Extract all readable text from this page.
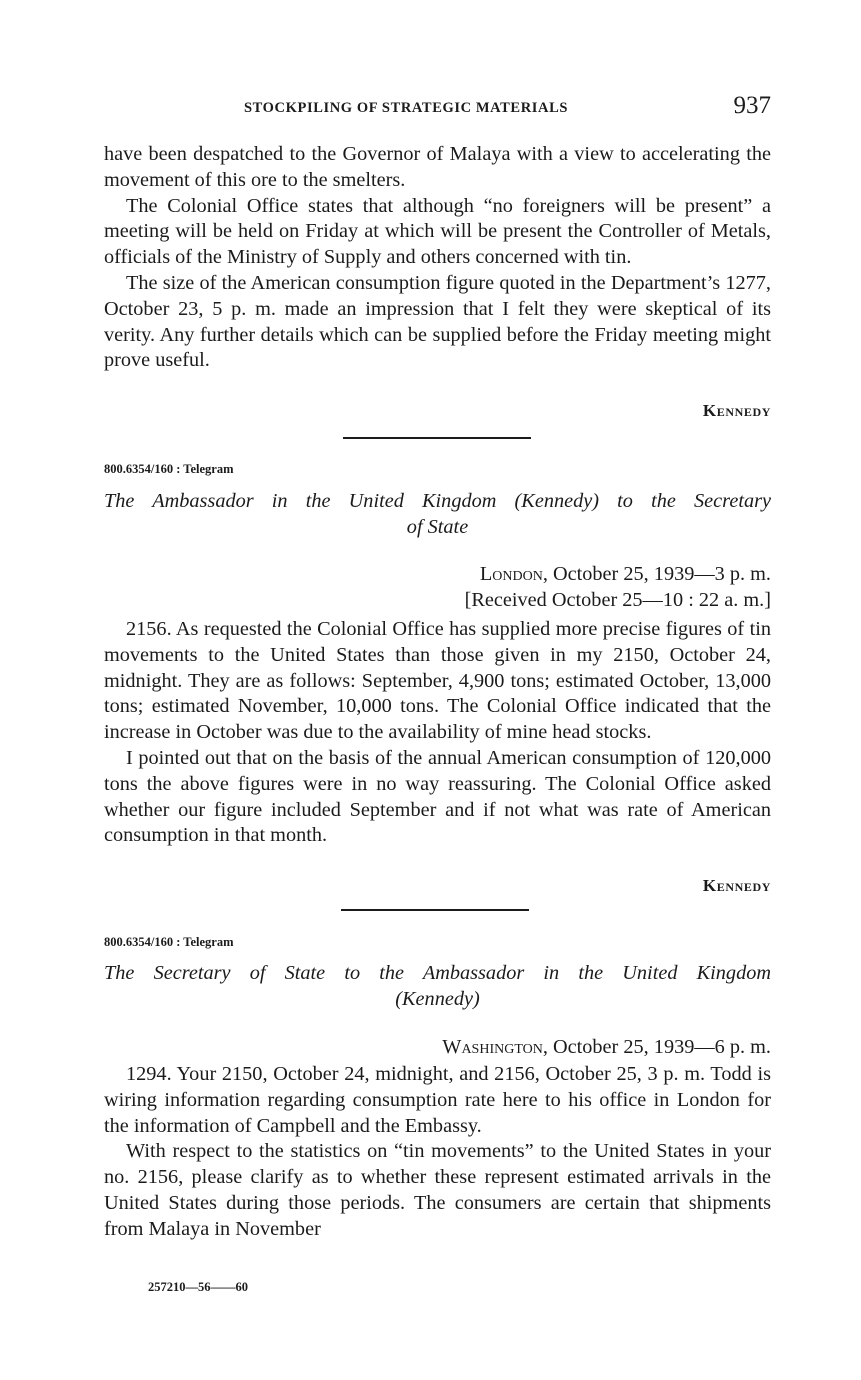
STOCKPILING OF STRATEGIC MATERIALS	937

have been despatched to the Governor of Malaya with a view to accelerating the movement of this ore to the smelters.

The Colonial Office states that although “no foreigners will be present” a meeting will be held on Friday at which will be present the Controller of Metals, officials of the Ministry of Supply and others concerned with tin.

The size of the American consumption figure quoted in the Department’s 1277, October 23, 5 p. m. made an impression that I felt they were skeptical of its verity. Any further details which can be supplied before the Friday meeting might prove useful.

Kennedy
800.6354/160 : Telegram
The Ambassador in the United Kingdom (Kennedy) to the Secretary
of State
London, October 25, 1939—3 p. m.
[Received October 25—10 : 22 a. m.]

2156. As requested the Colonial Office has supplied more precise figures of tin movements to the United States than those given in my 2150, October 24, midnight. They are as follows: September, 4,900 tons; estimated October, 13,000 tons; estimated November, 10,000 tons. The Colonial Office indicated that the increase in October was due to the availability of mine head stocks.

I pointed out that on the basis of the annual American consumption of 120,000 tons the above figures were in no way reassuring. The Colonial Office asked whether our figure included September and if not what was rate of American consumption in that month.

Kennedy
800.6354/160 : Telegram
The Secretary of State to the Ambassador in the United Kingdom
(Kennedy)
Washington, October 25, 1939—6 p. m.

1294. Your 2150, October 24, midnight, and 2156, October 25, 3 p. m. Todd is wiring information regarding consumption rate here to his office in London for the information of Campbell and the Embassy.

With respect to the statistics on “tin movements” to the United States in your no. 2156, please clarify as to whether these represent estimated arrivals in the United States during those periods. The consumers are certain that shipments from Malaya in November

257210—56——60
